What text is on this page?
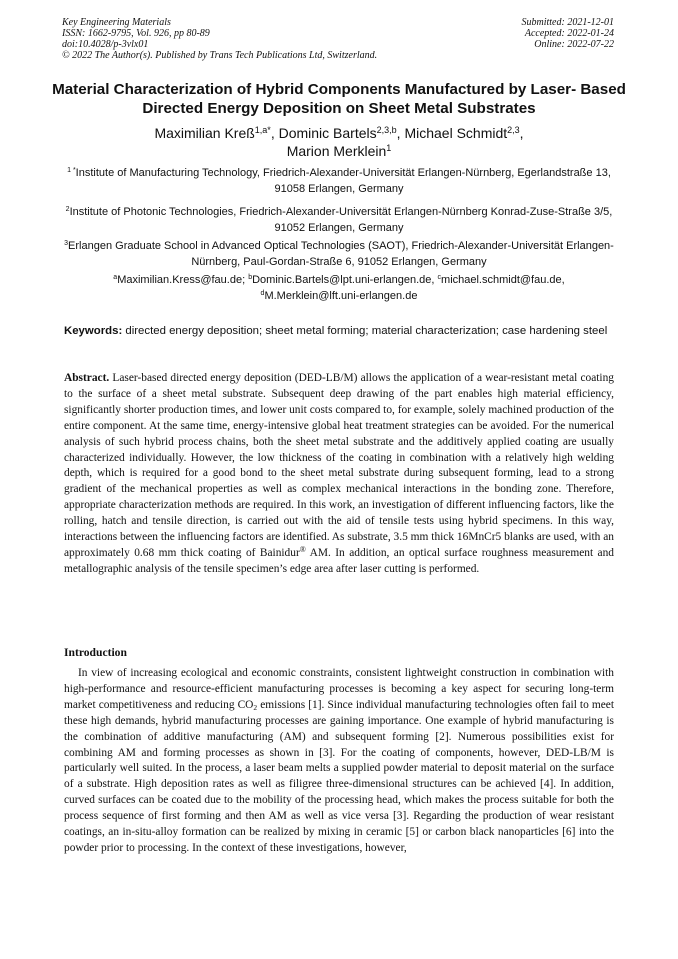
Key Engineering Materials
ISSN: 1662-9795, Vol. 926, pp 80-89
doi:10.4028/p-3vlx01
© 2022 The Author(s). Published by Trans Tech Publications Ltd, Switzerland.
Submitted: 2021-12-01
Accepted: 2022-01-24
Online: 2022-07-22
Material Characterization of Hybrid Components Manufactured by Laser- Based Directed Energy Deposition on Sheet Metal Substrates
Maximilian Kreß$^{1,a*}$, Dominic Bartels$^{2,3,b}$, Michael Schmidt$^{2,3}$,
Marion Merklein$^1$
$^{1 *}$Institute of Manufacturing Technology, Friedrich-Alexander-Universität Erlangen-Nürnberg, Egerlandstraße 13, 91058 Erlangen, Germany
$^2$Institute of Photonic Technologies, Friedrich-Alexander-Universität Erlangen-Nürnberg Konrad-Zuse-Straße 3/5, 91052 Erlangen, Germany
$^3$Erlangen Graduate School in Advanced Optical Technologies (SAOT), Friedrich-Alexander-Universität Erlangen-Nürnberg, Paul-Gordan-Straße 6, 91052 Erlangen, Germany
$^a$Maximilian.Kress@fau.de; $^b$Dominic.Bartels@lpt.uni-erlangen.de, $^c$michael.schmidt@fau.de,
$^d$M.Merklein@lft.uni-erlangen.de
Keywords: directed energy deposition; sheet metal forming; material characterization; case hardening steel
Abstract. Laser-based directed energy deposition (DED-LB/M) allows the application of a wear-resistant metal coating to the surface of a sheet metal substrate. Subsequent deep drawing of the part enables high material efficiency, significantly shorter production times, and lower unit costs compared to, for example, solely machined production of the entire component. At the same time, energy-intensive global heat treatment strategies can be avoided. For the numerical analysis of such hybrid process chains, both the sheet metal substrate and the additively applied coating are usually characterized individually. However, the low thickness of the coating in combination with a relatively high welding depth, which is required for a good bond to the sheet metal substrate during subsequent forming, lead to a strong gradient of the mechanical properties as well as complex mechanical interactions in the bonding zone. Therefore, appropriate characterization methods are required. In this work, an investigation of different influencing factors, like the rolling, hatch and tensile direction, is carried out with the aid of tensile tests using hybrid specimens. In this way, interactions between the influencing factors are identified. As substrate, 3.5 mm thick 16MnCr5 blanks are used, with an approximately 0.68 mm thick coating of Bainidur® AM. In addition, an optical surface roughness measurement and metallographic analysis of the tensile specimen’s edge area after laser cutting is performed.
Introduction

In view of increasing ecological and economic constraints, consistent lightweight construction in combination with high-performance and resource-efficient manufacturing processes is becoming a key aspect for securing long-term market competitiveness and reducing $CO_2$ emissions [1]. Since individual manufacturing technologies often fail to meet these high demands, hybrid manufacturing processes are gaining importance. One example of hybrid manufacturing is the combination of additive manufacturing (AM) and subsequent forming [2]. Numerous possibilities exist for combining AM and forming processes as shown in [3]. For the coating of components, however, DED-LB/M is particularly well suited. In the process, a laser beam melts a supplied powder material to deposit material on the surface of a substrate. High deposition rates as well as filigree three-dimensional structures can be achieved [4]. In addition, curved surfaces can be coated due to the mobility of the processing head, which makes the process suitable for both the process sequence of first forming and then AM as well as vice versa [3]. Regarding the production of wear resistant coatings, an in-situ-alloy formation can be realized by mixing in ceramic [5] or carbon black nanoparticles [6] into the powder prior to processing. In the context of these investigations, however,
